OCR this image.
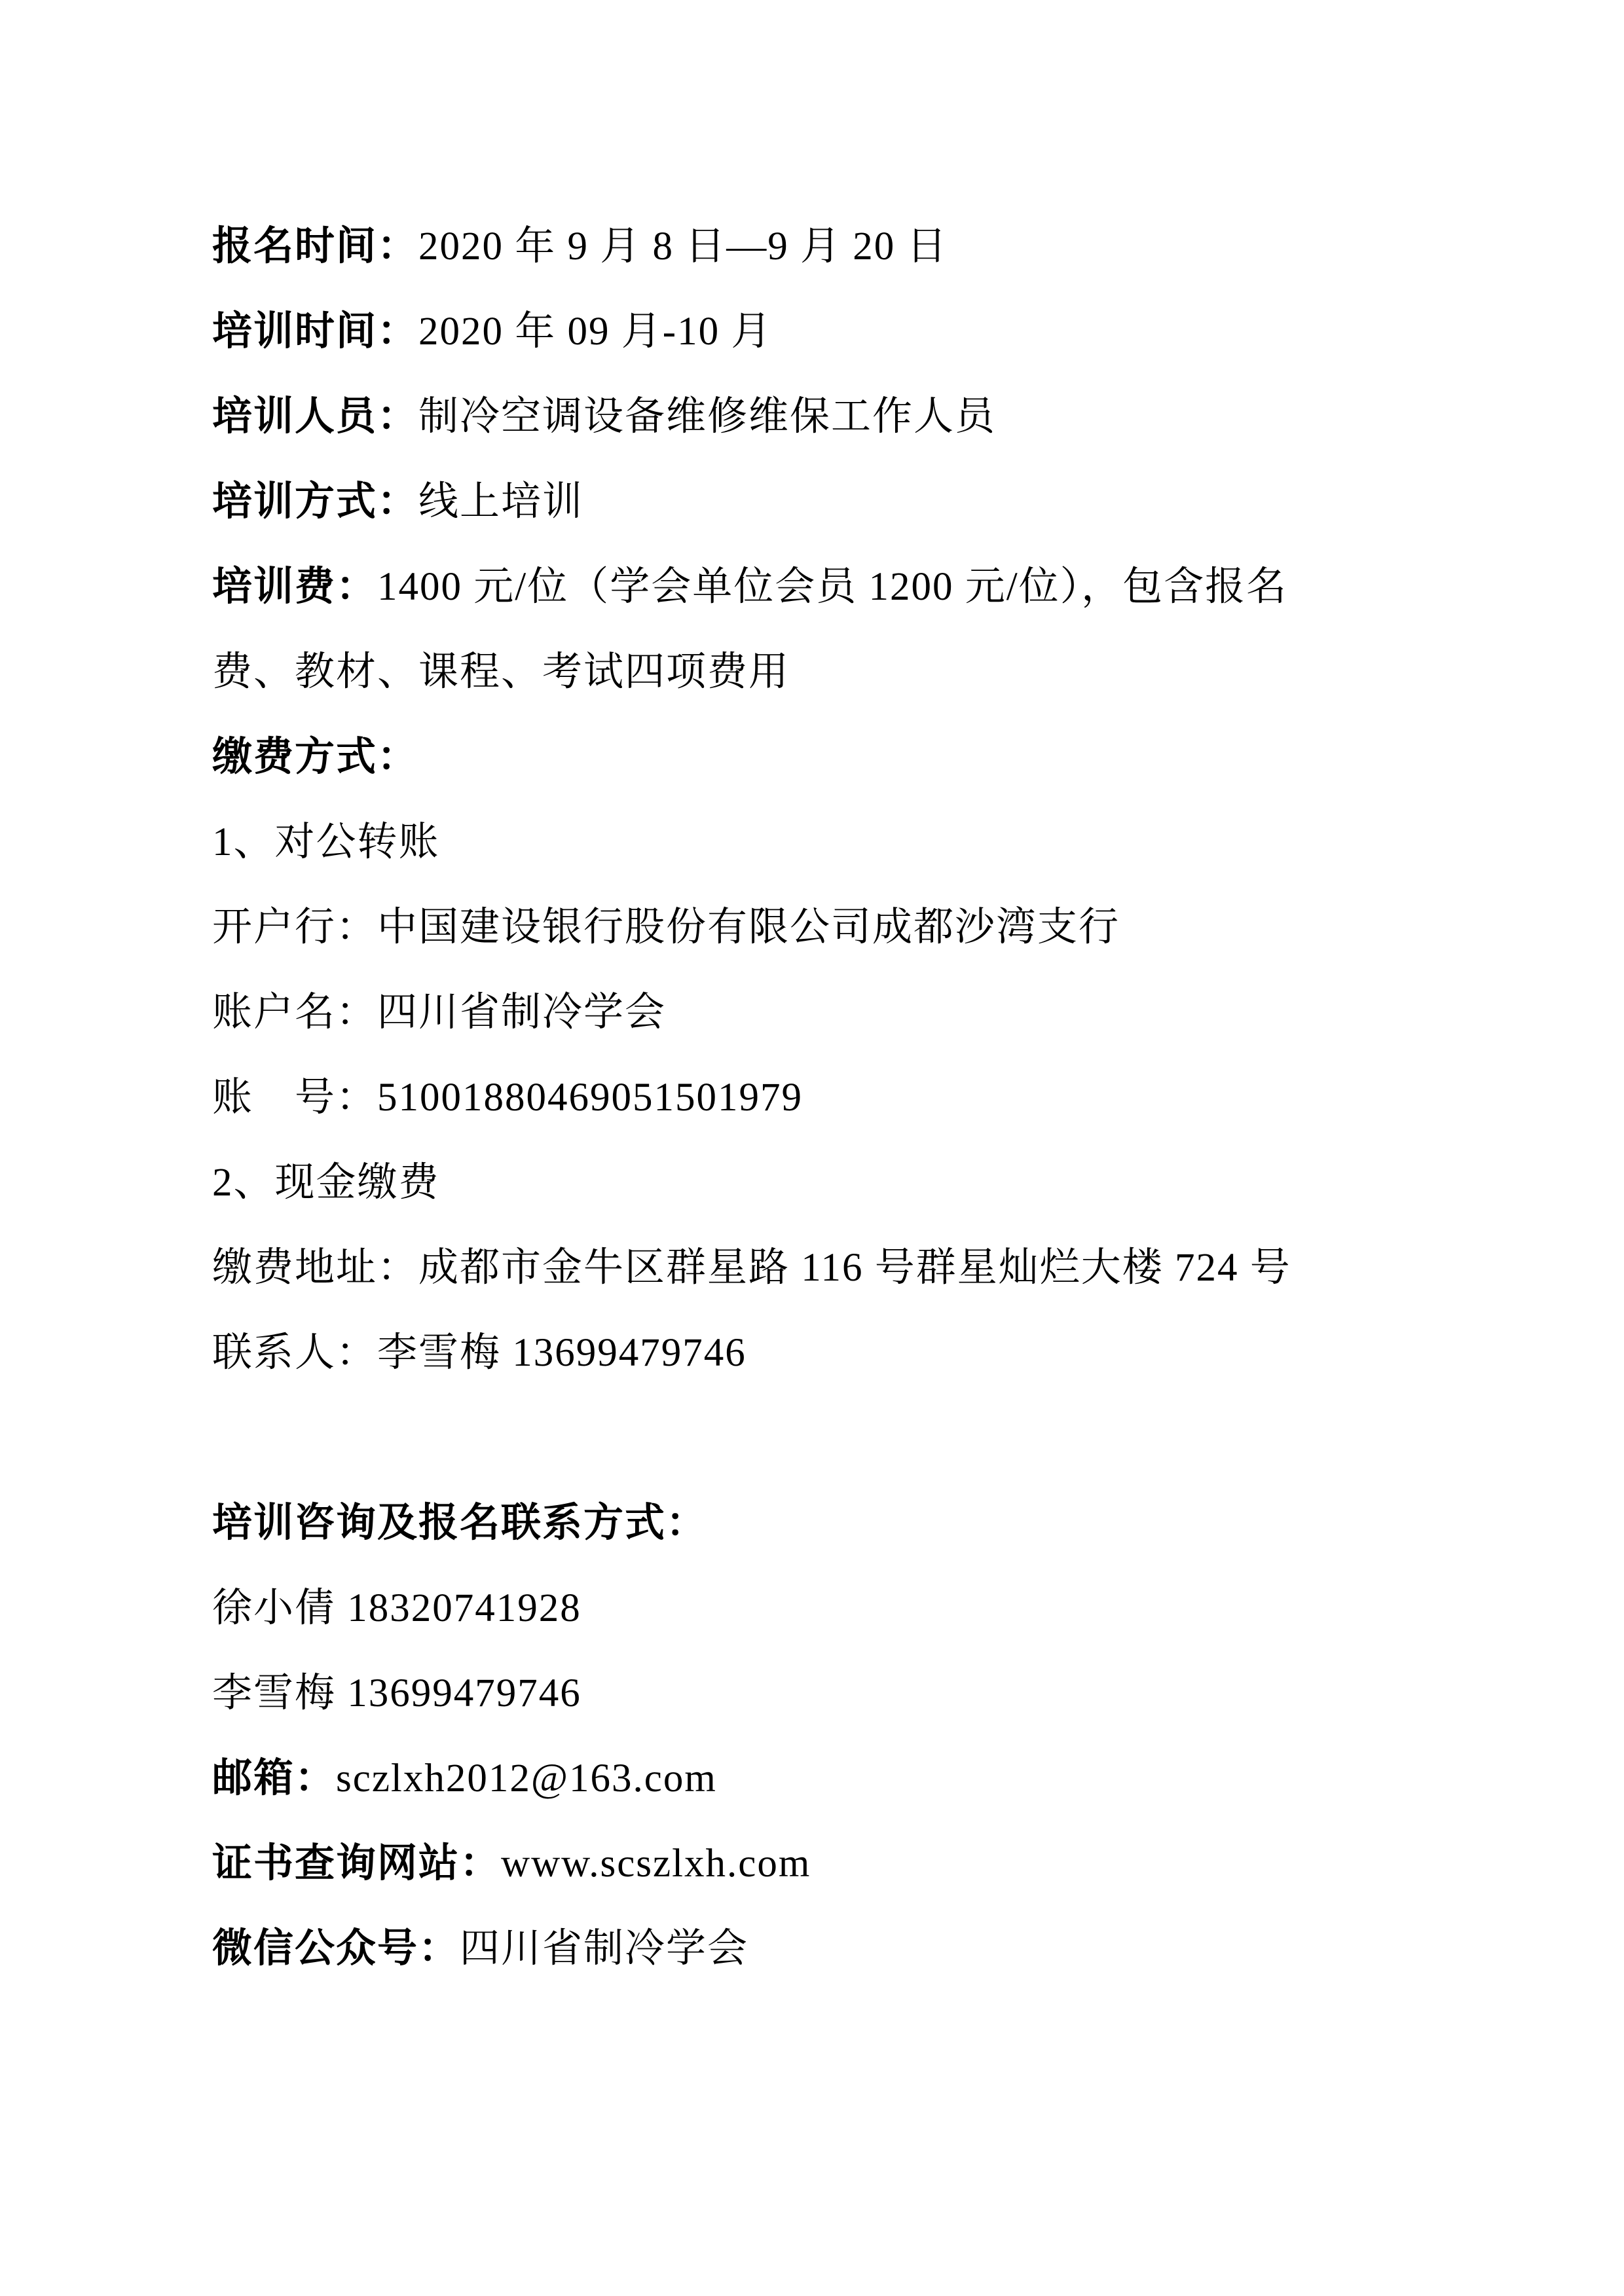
报名时间：2020 年 9 月 8 日—9 月 20 日
培训时间：2020 年 09 月-10 月
培训人员：制冷空调设备维修维保工作人员
培训方式：线上培训
培训费：1400 元/位（学会单位会员 1200 元/位），包含报名
费、教材、课程、考试四项费用
缴费方式：
1、对公转账
开户行：中国建设银行股份有限公司成都沙湾支行
账户名：四川省制冷学会
账　号：51001880469051501979
2、现金缴费
缴费地址：成都市金牛区群星路 116 号群星灿烂大楼 724 号
联系人：李雪梅 13699479746
培训咨询及报名联系方式：
徐小倩 18320741928
李雪梅 13699479746
邮箱：sczlxh2012@163.com
证书查询网站：www.scszlxh.com
微信公众号：四川省制冷学会
